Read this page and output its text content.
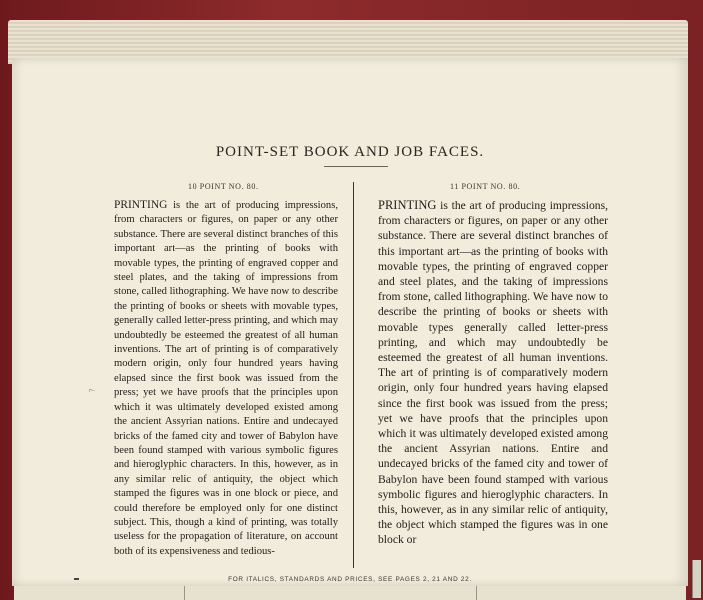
POINT-SET BOOK AND JOB FACES.
10 POINT NO. 80.	11 POINT NO. 80.
PRINTING is the art of producing impressions, from characters or figures, on paper or any other substance. There are several distinct branches of this important art—as the printing of books with movable types, the printing of engraved copper and steel plates, and the taking of impressions from stone, called lithographing. We have now to describe the printing of books or sheets with movable types, generally called letter-press printing, and which may undoubtedly be esteemed the greatest of all human inventions. The art of printing is of comparatively modern origin, only four hundred years having elapsed since the first book was issued from the press; yet we have proofs that the principles upon which it was ultimately developed existed among the ancient Assyrian nations. Entire and undecayed bricks of the famed city and tower of Babylon have been found stamped with various symbolic figures and hieroglyphic characters. In this, however, as in any similar relic of antiquity, the object which stamped the figures was in one block or piece, and could therefore be employed only for one distinct subject. This, though a kind of printing, was totally useless for the propagation of literature, on account both of its expensiveness and tedious-
PRINTING is the art of producing impressions, from characters or figures, on paper or any other substance. There are several distinct branches of this important art—as the printing of books with movable types, the printing of engraved copper and steel plates, and the taking of impressions from stone, called lithographing. We have now to describe the printing of books or sheets with movable types generally called letter-press printing, and which may undoubtedly be esteemed the greatest of all human inventions. The art of printing is of comparatively modern origin, only four hundred years having elapsed since the first book was issued from the press; yet we have proofs that the principles upon which it was ultimately developed existed among the ancient Assyrian nations. Entire and undecayed bricks of the famed city and tower of Babylon have been found stamped with various symbolic figures and hieroglyphic characters. In this, however, as in any similar relic of antiquity, the object which stamped the figures was in one block or
?
FOR ITALICS, STANDARDS AND PRICES, SEE PAGES 2, 21 AND 22.
